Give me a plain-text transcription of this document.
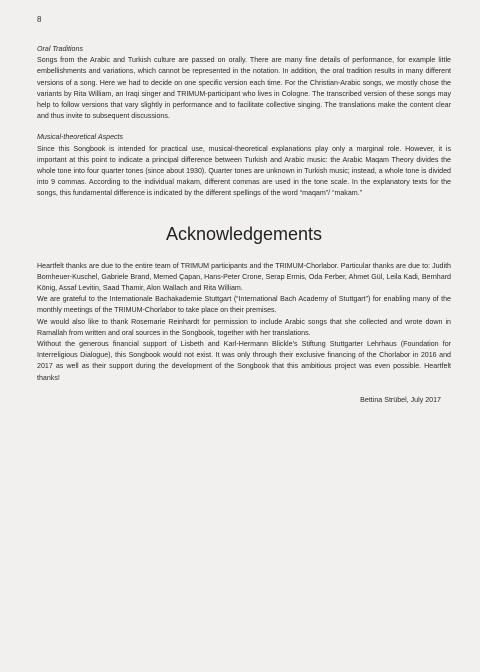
8
Oral Traditions

Songs from the Arabic and Turkish culture are passed on orally. There are many fine details of performance, for example little embellishments and variations, which cannot be represented in the notation. In addition, the oral tradition results in many different versions of a song. Here we had to decide on one specific version each time. For the Christian-Arabic songs, we mostly chose the variants by Rita William, an Iraqi singer and TRIMUM-participant who lives in Cologne. The transcribed version of these songs may help to follow versions that vary slightly in performance and to facilitate collective singing. The translations make the content clear and thus invite to subsequent discussions.

Musical-theoretical Aspects

Since this Songbook is intended for practical use, musical-theoretical explanations play only a marginal role. However, it is important at this point to indicate a principal difference between Turkish and Arabic music: the Arabic Maqam Theory divides the whole tone into four quarter tones (since about 1930). Quarter tones are unknown in Turkish music; instead, a whole tone is divided into 9 commas. According to the individual makam, different commas are used in the tone scale. In the explanatory texts for the songs, this fundamental difference is indicated by the different spellings of the word “maqam”/ “makam.”

Acknowledgements

Heartfelt thanks are due to the entire team of TRIMUM participants and the TRIMUM-Chorlabor. Particular thanks are due to: Judith Bomheuer-Kuschel, Gabriele Brand, Memed Çapan, Hans-Peter Crone, Serap Ermis, Oda Ferber, Ahmet Gül, Leila Kadi, Bernhard König, Assaf Levitin, Saad Thamir, Alon Wallach and Rita William.

We are grateful to the Internationale Bachakademie Stuttgart (“International Bach Academy of Stuttgart”) for enabling many of the monthly meetings of the TRIMUM-Chorlabor to take place on their premises.

We would also like to thank Rosemarie Reinhardt for permission to include Arabic songs that she collected and wrote down in Ramallah from written and oral sources in the Songbook, together with her translations.

Without the generous financial support of Lisbeth and Karl-Hermann Blickle’s Stiftung Stuttgarter Lehrhaus (Foundation for Interreligious Dialogue), this Songbook would not exist. It was only through their exclusive financing of the Chorlabor in 2016 and 2017 as well as their support during the development of the Songbook that this ambitious project was even possible. Heartfelt thanks!

Bettina Strübel, July 2017
